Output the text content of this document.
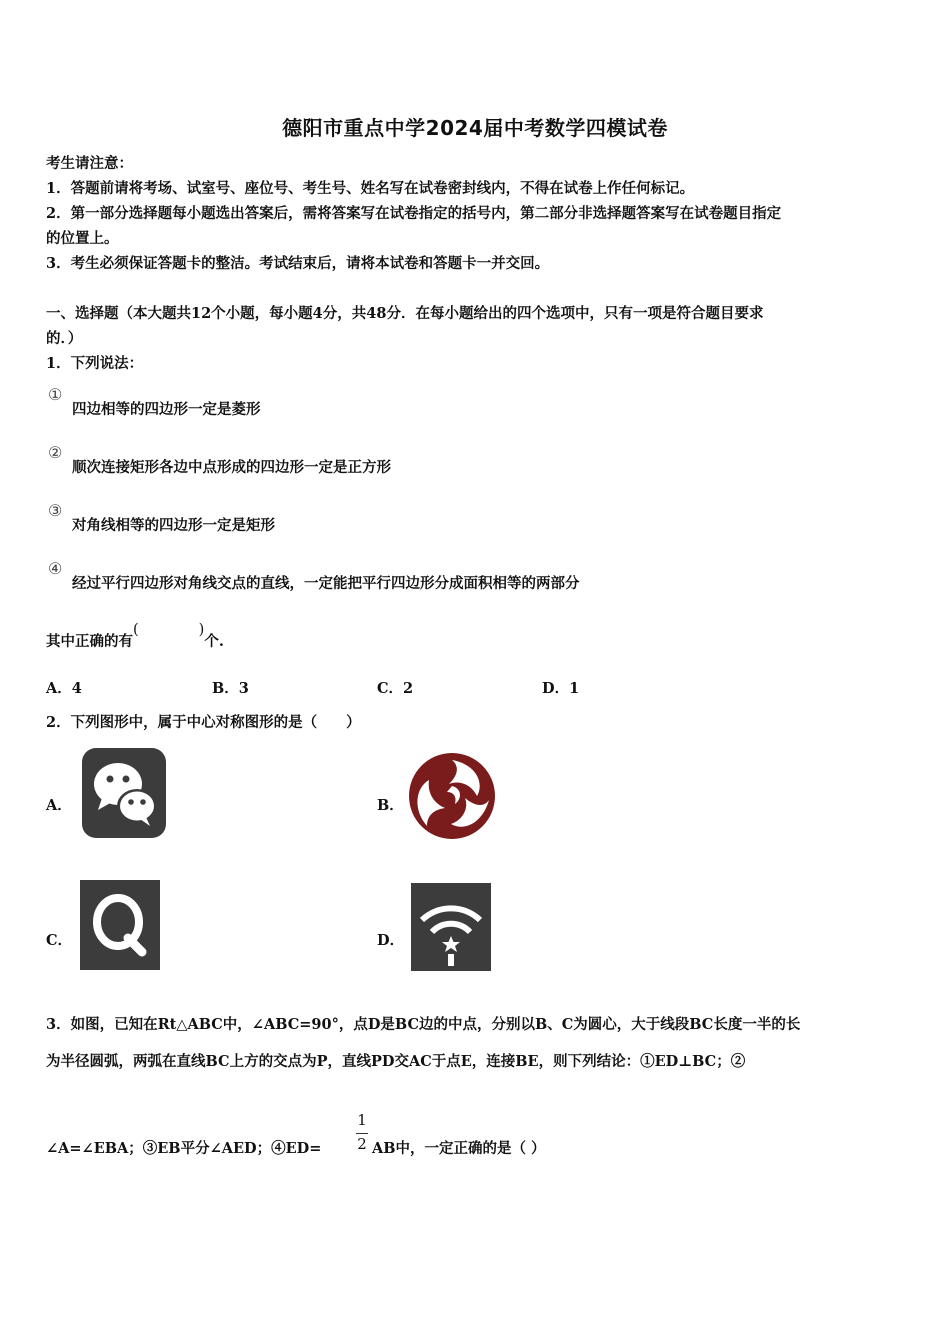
德阳市重点中学2024届中考数学四模试卷
考生请注意：
1．答题前请将考场、试室号、座位号、考生号、姓名写在试卷密封线内，不得在试卷上作任何标记。
2．第一部分选择题每小题选出答案后，需将答案写在试卷指定的括号内，第二部分非选择题答案写在试卷题目指定
的位置上。
3．考生必须保证答题卡的整洁。考试结束后，请将本试卷和答题卡一并交回。
一、选择题（本大题共12个小题，每小题4分，共48分．在每小题给出的四个选项中，只有一项是符合题目要求
的．）
1．下列说法：
①
四边相等的四边形一定是菱形
②
顺次连接矩形各边中点形成的四边形一定是正方形
③
对角线相等的四边形一定是矩形
④
经过平行四边形对角线交点的直线，一定能把平行四边形分成面积相等的两部分
其中正确的有(	)个.
A．4	B．3	C．2	D．1
2．下列图形中，属于中心对称图形的是（　　）
A．	B．
C．	D．
3．如图，已知在Rt△ABC中，∠ABC=90°，点D是BC边的中点，分别以B、C为圆心，大于线段BC长度一半的长
为半径圆弧，两弧在直线BC上方的交点为P，直线PD交AC于点E，连接BE，则下列结论：①ED⊥BC；②
∠A=∠EBA；③EB平分∠AED；④ED=
1
2 AB中，一定正确的是（ ）
